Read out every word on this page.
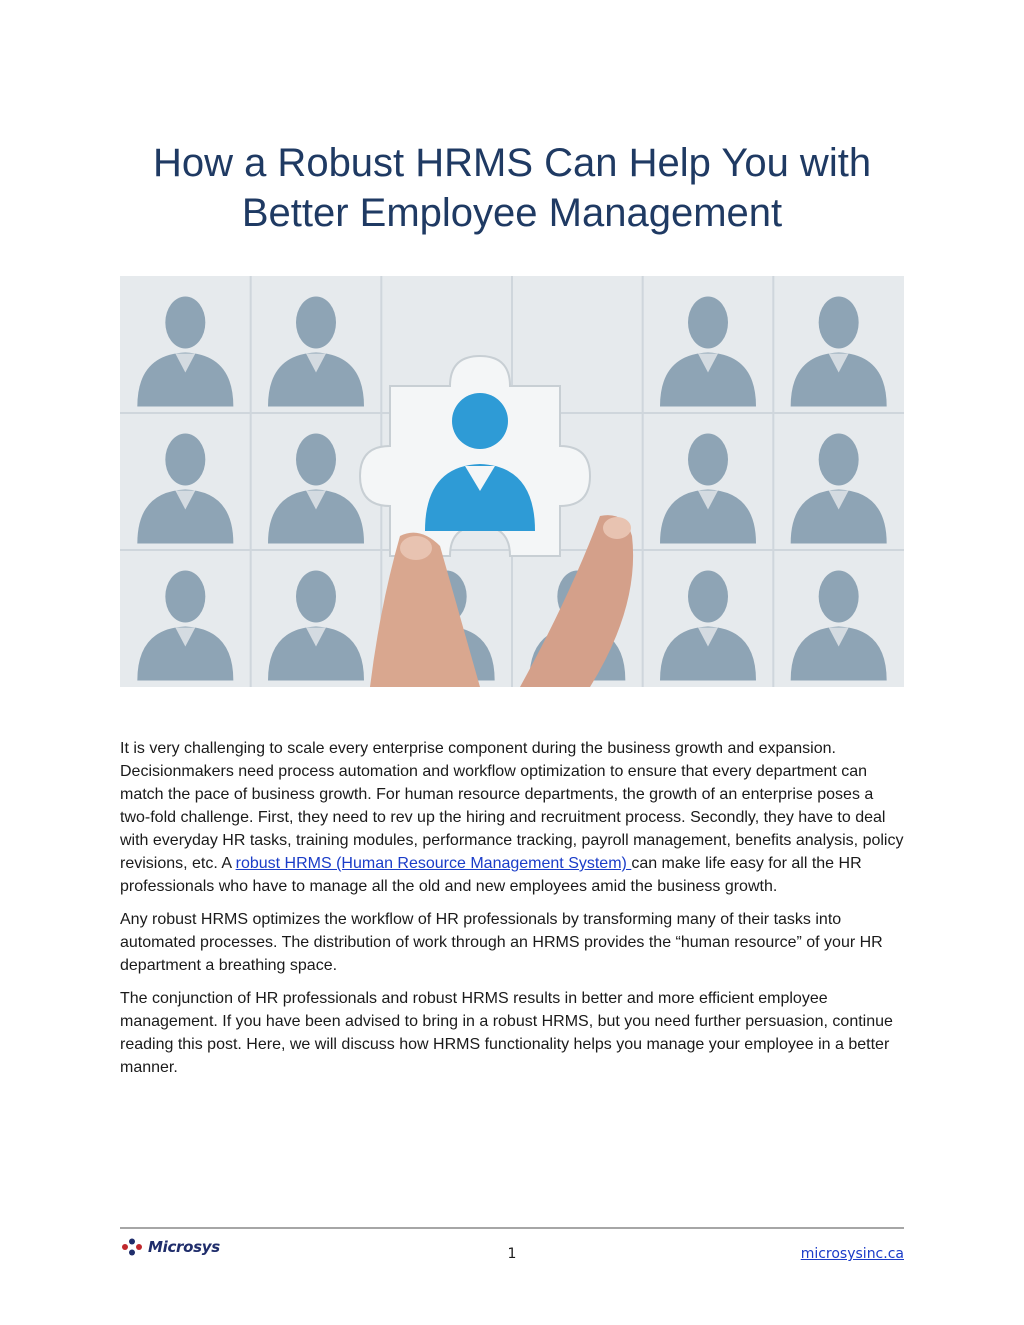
How a Robust HRMS Can Help You with
Better Employee Management

It is very challenging to scale every enterprise component during the business growth and expansion. Decisionmakers need process automation and workflow optimization to ensure that every department can match the pace of business growth. For human resource departments, the growth of an enterprise poses a two-fold challenge. First, they need to rev up the hiring and recruitment process. Secondly, they have to deal with everyday HR tasks, training modules, performance tracking, payroll management, benefits analysis, policy revisions, etc. A robust HRMS (Human Resource Management System) can make life easy for all the HR professionals who have to manage all the old and new employees amid the business growth.

Any robust HRMS optimizes the workflow of HR professionals by transforming many of their tasks into automated processes. The distribution of work through an HRMS provides the “human resource” of your HR department a breathing space.

The conjunction of HR professionals and robust HRMS results in better and more efficient employee management. If you have been advised to bring in a robust HRMS, but you need further persuasion, continue reading this post. Here, we will discuss how HRMS functionality helps you manage your employee in a better manner.

Microsys	1	microsysinc.ca
